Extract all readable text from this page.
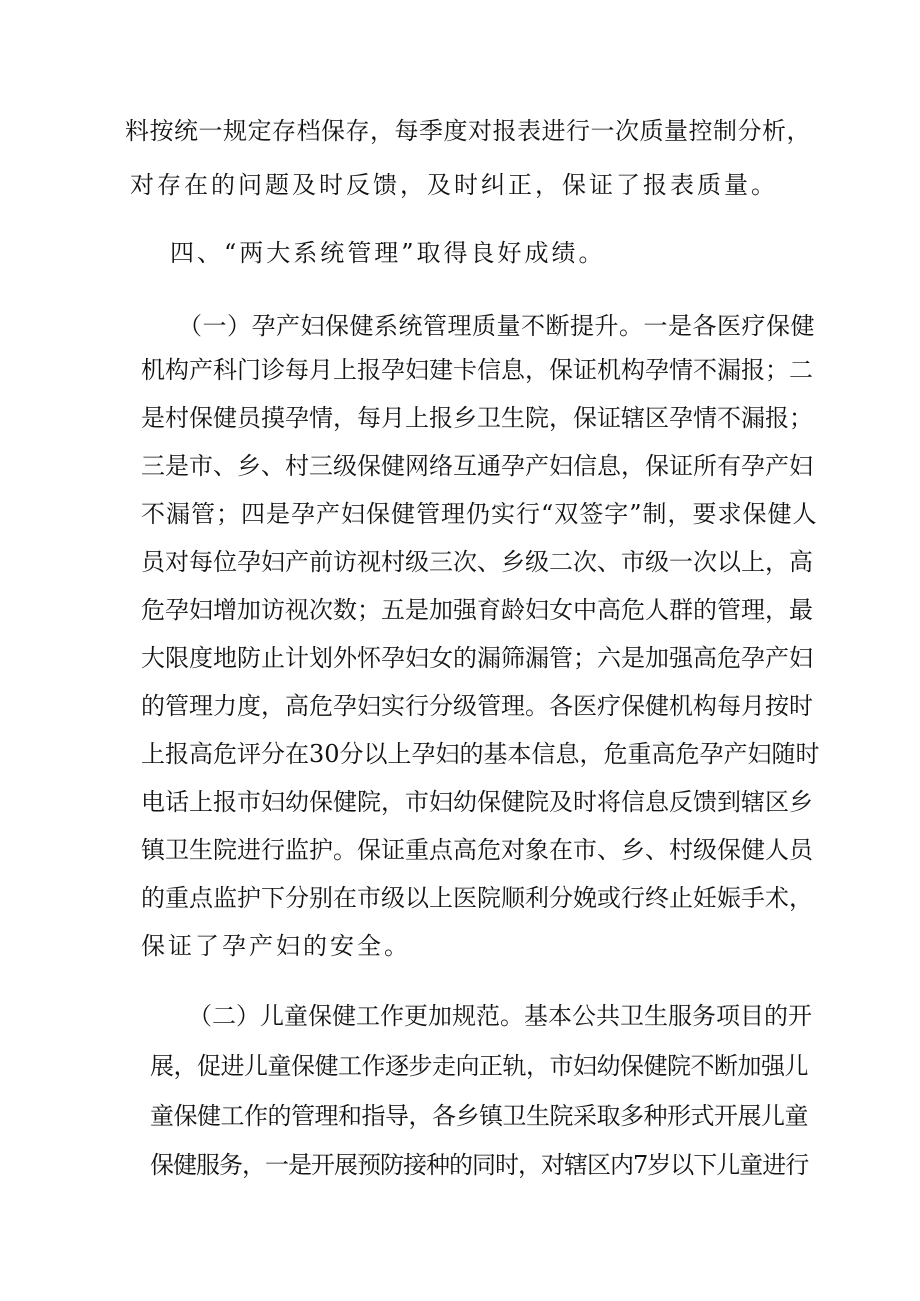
料按统一规定存档保存，每季度对报表进行一次质量控制分析，
对存在的问题及时反馈，及时纠正，保证了报表质量。
四、“两大系统管理”取得良好成绩。
（一）孕产妇保健系统管理质量不断提升。一是各医疗保健
机构产科门诊每月上报孕妇建卡信息，保证机构孕情不漏报；二
是村保健员摸孕情，每月上报乡卫生院，保证辖区孕情不漏报；
三是市、乡、村三级保健网络互通孕产妇信息，保证所有孕产妇
不漏管；四是孕产妇保健管理仍实行“双签字”制，要求保健人
员对每位孕妇产前访视村级三次、乡级二次、市级一次以上，高
危孕妇增加访视次数；五是加强育龄妇女中高危人群的管理，最
大限度地防止计划外怀孕妇女的漏筛漏管；六是加强高危孕产妇
的管理力度，高危孕妇实行分级管理。各医疗保健机构每月按时
上报高危评分在30分以上孕妇的基本信息，危重高危孕产妇随时
电话上报市妇幼保健院，市妇幼保健院及时将信息反馈到辖区乡
镇卫生院进行监护。保证重点高危对象在市、乡、村级保健人员
的重点监护下分别在市级以上医院顺利分娩或行终止妊娠手术，
保证了孕产妇的安全。
（二）儿童保健工作更加规范。基本公共卫生服务项目的开
展，促进儿童保健工作逐步走向正轨，市妇幼保健院不断加强儿
童保健工作的管理和指导，各乡镇卫生院采取多种形式开展儿童
保健服务，一是开展预防接种的同时，对辖区内7岁以下儿童进行
